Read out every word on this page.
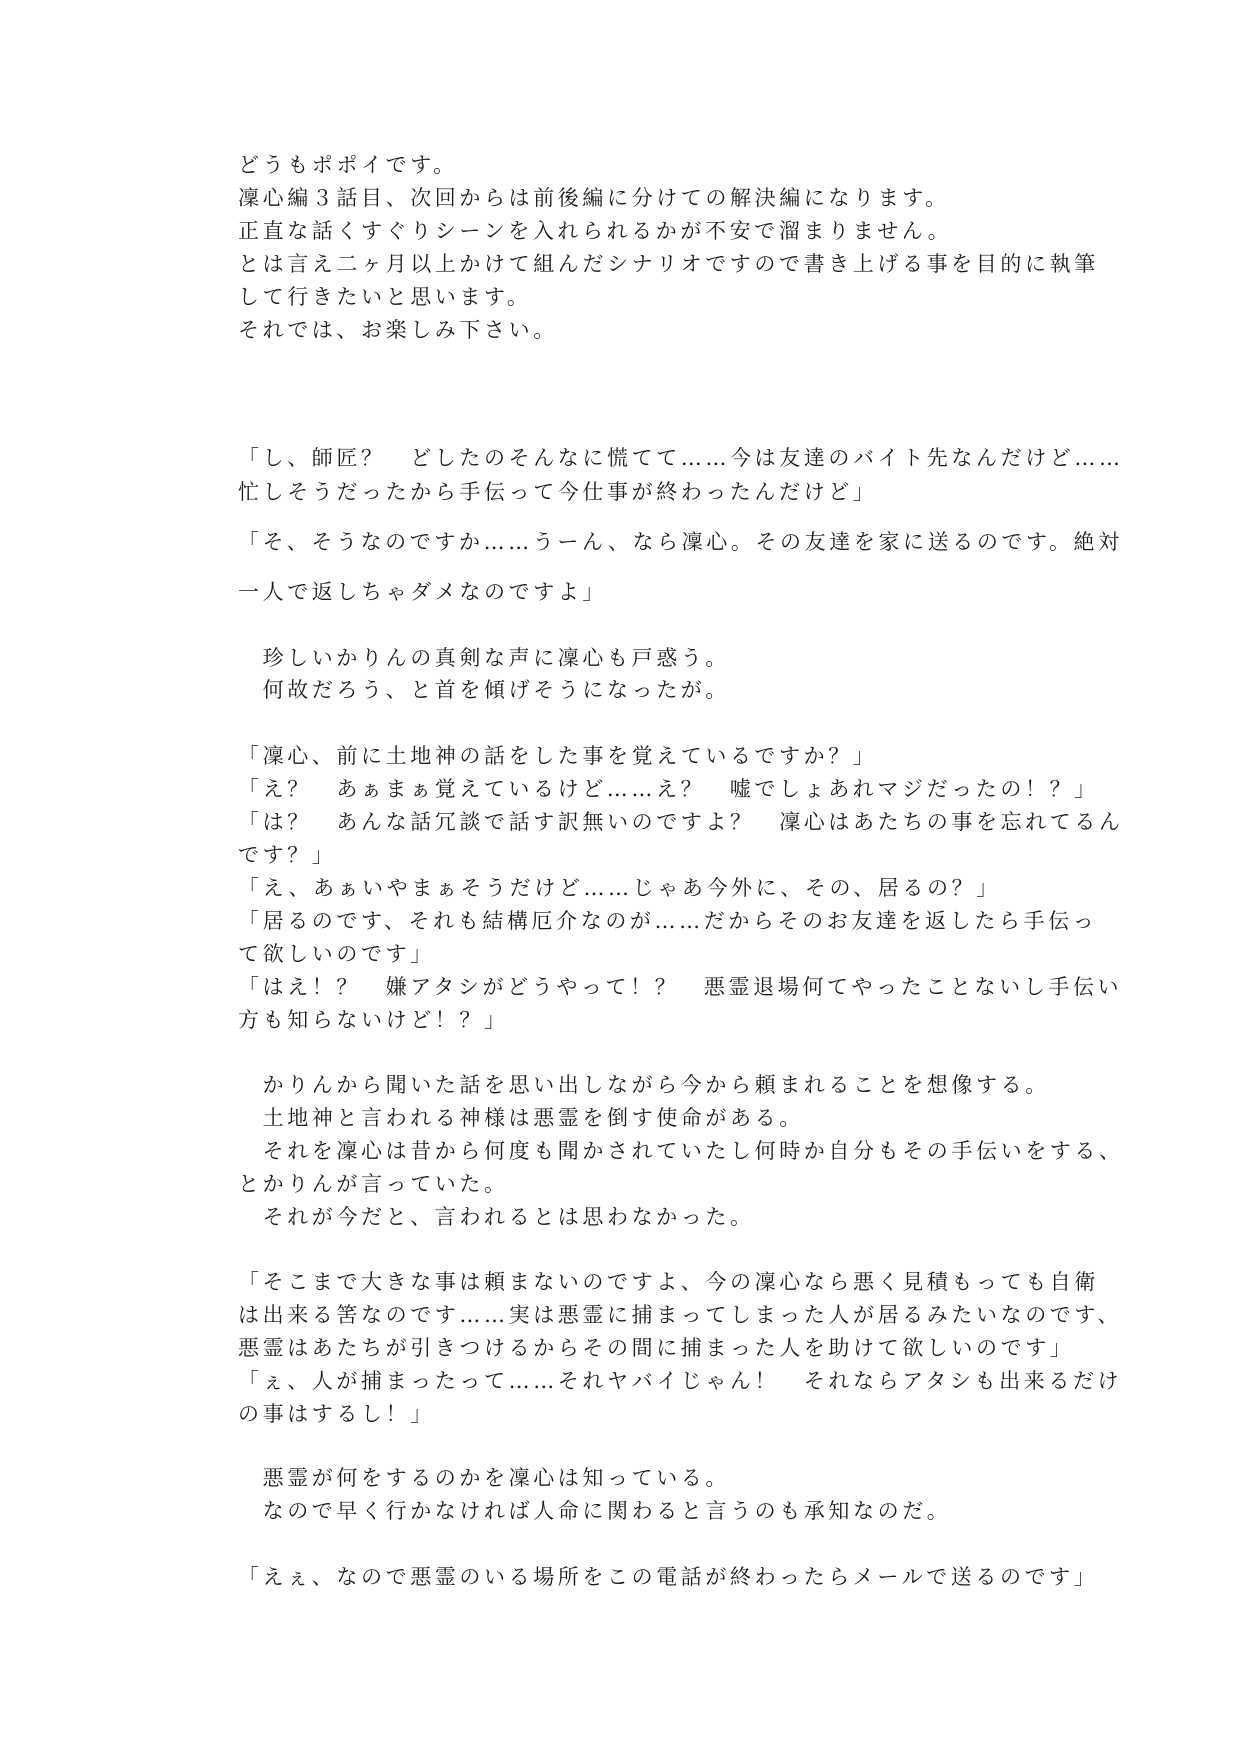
どうもポポイです。
凜心編３話目、次回からは前後編に分けての解決編になります。
正直な話くすぐりシーンを入れられるかが不安で溜まりません。
とは言え二ヶ月以上かけて組んだシナリオですので書き上げる事を目的に執筆
して行きたいと思います。
それでは、お楽しみ下さい。
「し、師匠？　どしたのそんなに慌てて……今は友達のバイト先なんだけど……
忙しそうだったから手伝って今仕事が終わったんだけど」
「そ、そうなのですか……うーん、なら凜心。その友達を家に送るのです。絶対
一人で返しちゃダメなのですよ」
　珍しいかりんの真剣な声に凜心も戸惑う。
　何故だろう、と首を傾げそうになったが。
「凜心、前に土地神の話をした事を覚えているですか？」
「え？　あぁまぁ覚えているけど……え？　嘘でしょあれマジだったの！？」
「は？　あんな話冗談で話す訳無いのですよ？　凜心はあたちの事を忘れてるん
です？」
「え、あぁいやまぁそうだけど……じゃあ今外に、その、居るの？」
「居るのです、それも結構厄介なのが……だからそのお友達を返したら手伝っ
て欲しいのです」
「はえ！？　嫌アタシがどうやって！？　悪霊退場何てやったことないし手伝い
方も知らないけど！？」
　かりんから聞いた話を思い出しながら今から頼まれることを想像する。
　土地神と言われる神様は悪霊を倒す使命がある。
　それを凜心は昔から何度も聞かされていたし何時か自分もその手伝いをする、
とかりんが言っていた。
　それが今だと、言われるとは思わなかった。
「そこまで大きな事は頼まないのですよ、今の凜心なら悪く見積もっても自衛
は出来る筈なのです……実は悪霊に捕まってしまった人が居るみたいなのです、
悪霊はあたちが引きつけるからその間に捕まった人を助けて欲しいのです」
「ぇ、人が捕まったって……それヤバイじゃん！　それならアタシも出来るだけ
の事はするし！」
　悪霊が何をするのかを凜心は知っている。
　なので早く行かなければ人命に関わると言うのも承知なのだ。
「えぇ、なので悪霊のいる場所をこの電話が終わったらメールで送るのです」
